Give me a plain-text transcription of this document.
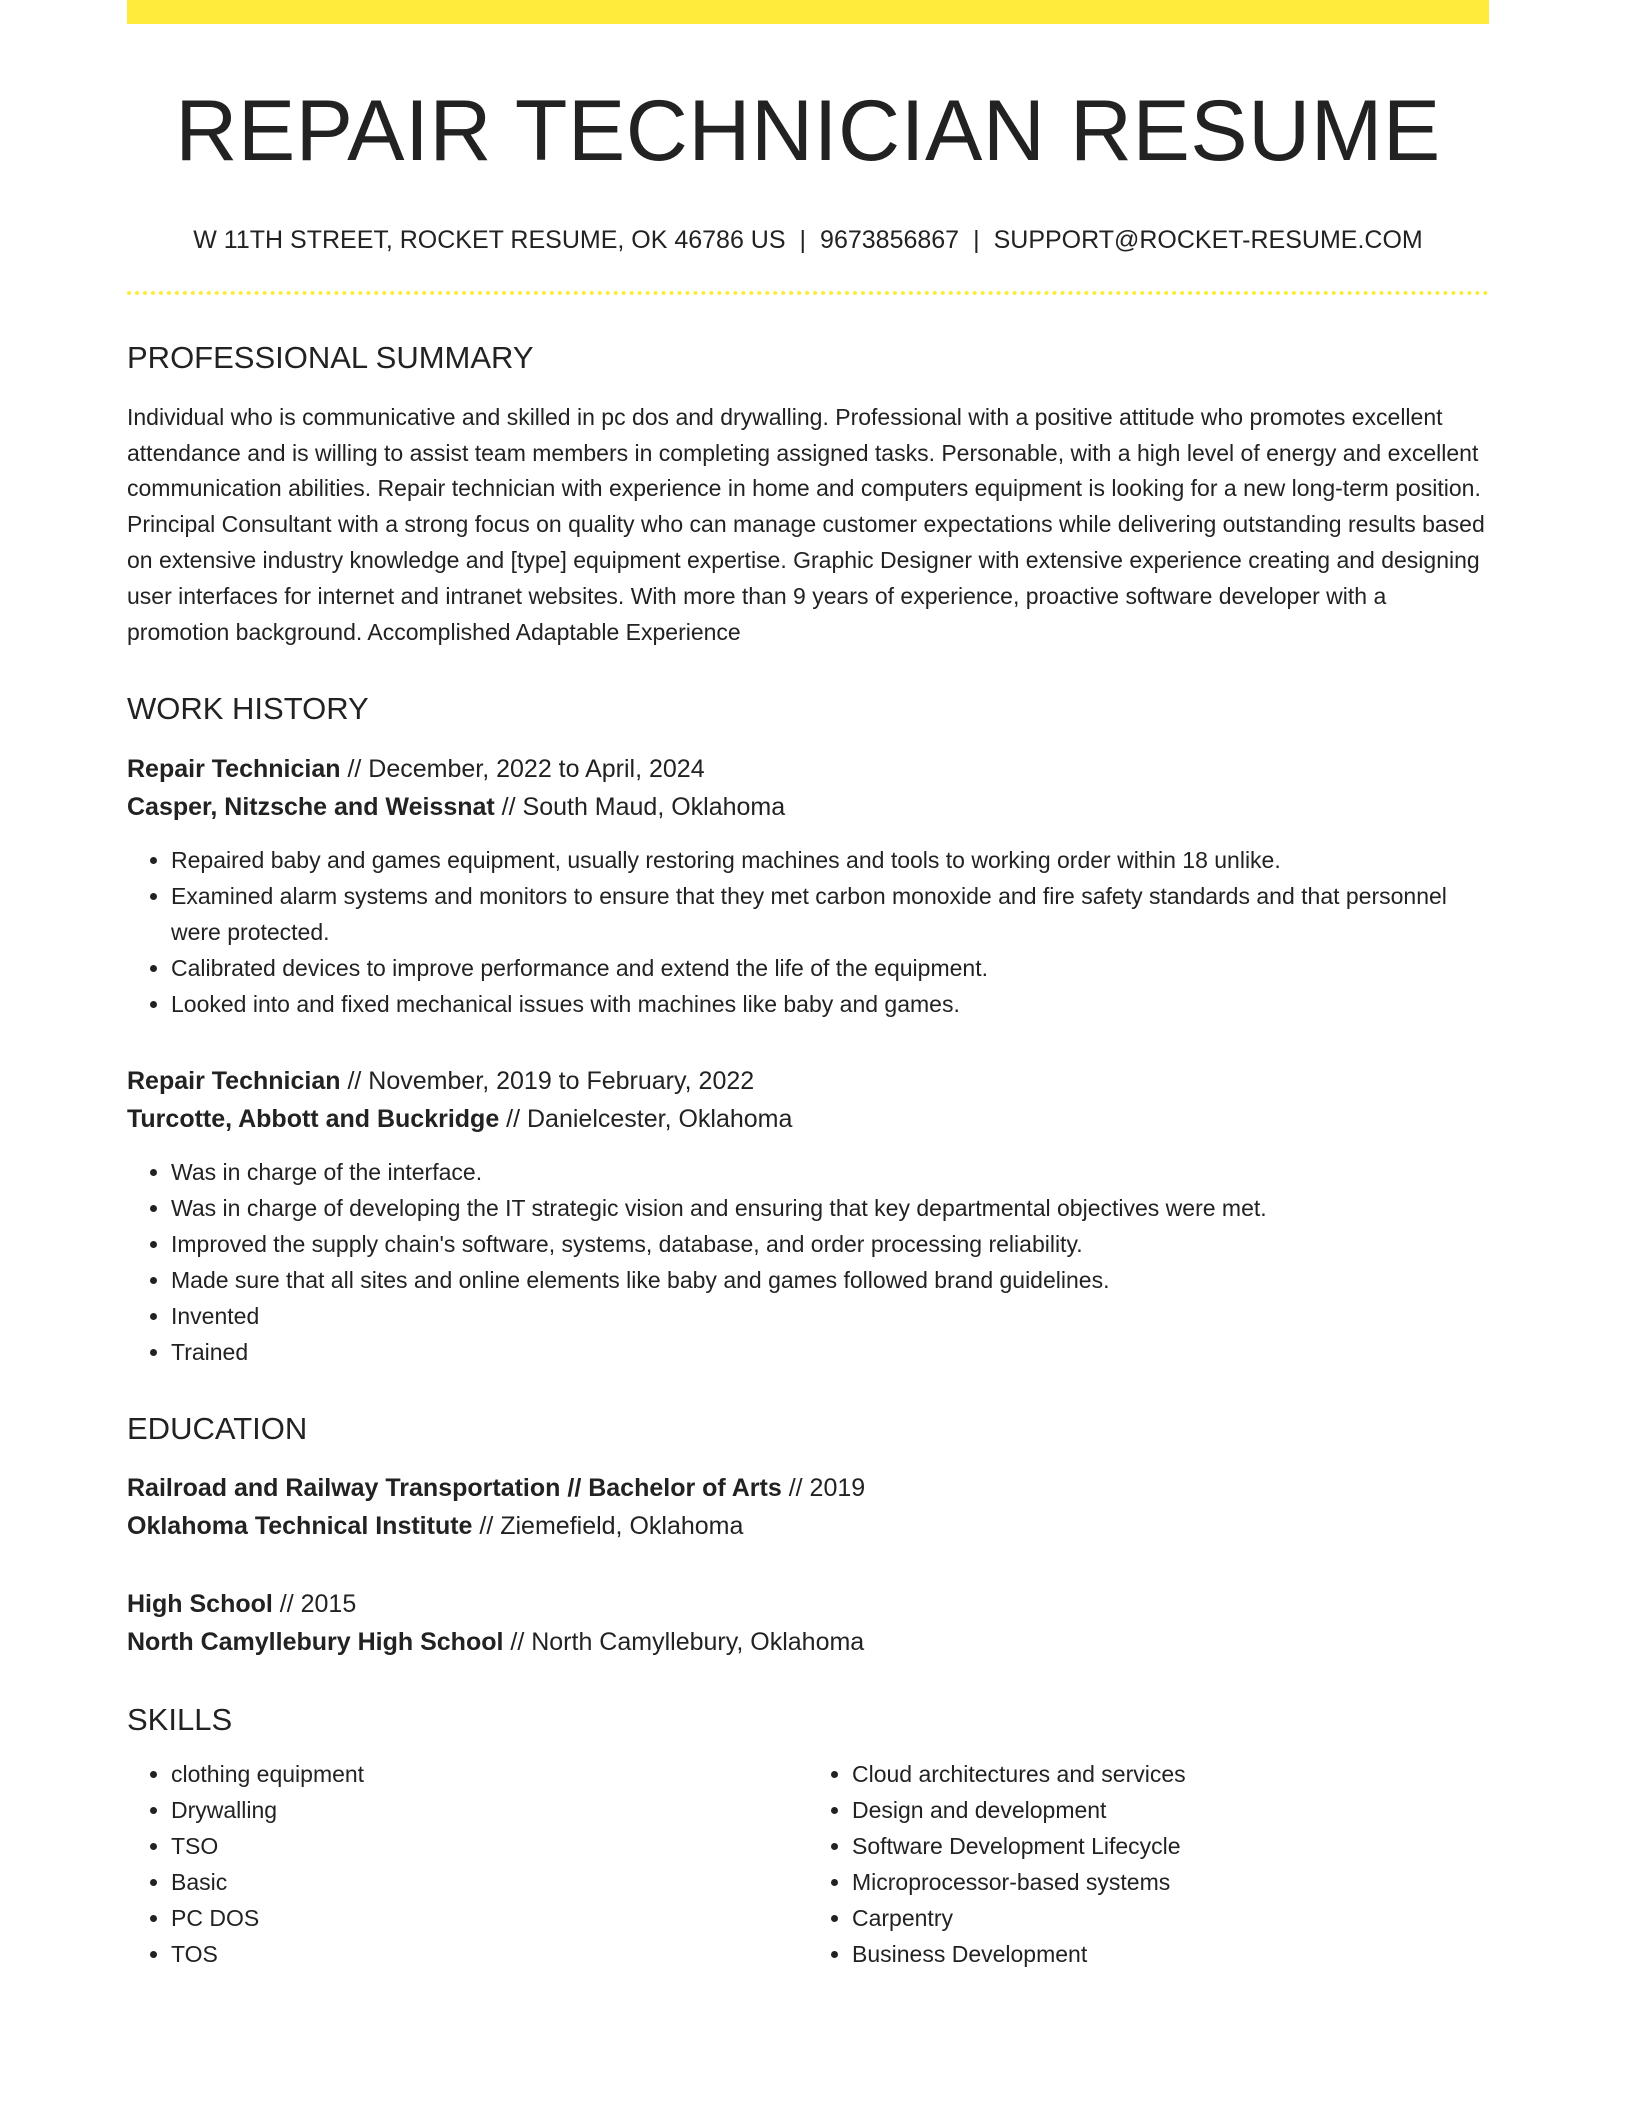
REPAIR TECHNICIAN RESUME
W 11TH STREET, ROCKET RESUME, OK 46786 US | 9673856867 | SUPPORT@ROCKET-RESUME.COM
PROFESSIONAL SUMMARY
Individual who is communicative and skilled in pc dos and drywalling. Professional with a positive attitude who promotes excellent attendance and is willing to assist team members in completing assigned tasks. Personable, with a high level of energy and excellent communication abilities. Repair technician with experience in home and computers equipment is looking for a new long-term position. Principal Consultant with a strong focus on quality who can manage customer expectations while delivering outstanding results based on extensive industry knowledge and [type] equipment expertise. Graphic Designer with extensive experience creating and designing user interfaces for internet and intranet websites. With more than 9 years of experience, proactive software developer with a promotion background. Accomplished Adaptable Experience
WORK HISTORY
Repair Technician // December, 2022 to April, 2024
Casper, Nitzsche and Weissnat // South Maud, Oklahoma
• Repaired baby and games equipment, usually restoring machines and tools to working order within 18 unlike.
• Examined alarm systems and monitors to ensure that they met carbon monoxide and fire safety standards and that personnel were protected.
• Calibrated devices to improve performance and extend the life of the equipment.
• Looked into and fixed mechanical issues with machines like baby and games.
Repair Technician // November, 2019 to February, 2022
Turcotte, Abbott and Buckridge // Danielcester, Oklahoma
• Was in charge of the interface.
• Was in charge of developing the IT strategic vision and ensuring that key departmental objectives were met.
• Improved the supply chain's software, systems, database, and order processing reliability.
• Made sure that all sites and online elements like baby and games followed brand guidelines.
• Invented
• Trained
EDUCATION
Railroad and Railway Transportation // Bachelor of Arts // 2019
Oklahoma Technical Institute // Ziemefield, Oklahoma
High School // 2015
North Camyllebury High School // North Camyllebury, Oklahoma
SKILLS
• clothing equipment
• Drywalling
• TSO
• Basic
• PC DOS
• TOS
• Cloud architectures and services
• Design and development
• Software Development Lifecycle
• Microprocessor-based systems
• Carpentry
• Business Development
